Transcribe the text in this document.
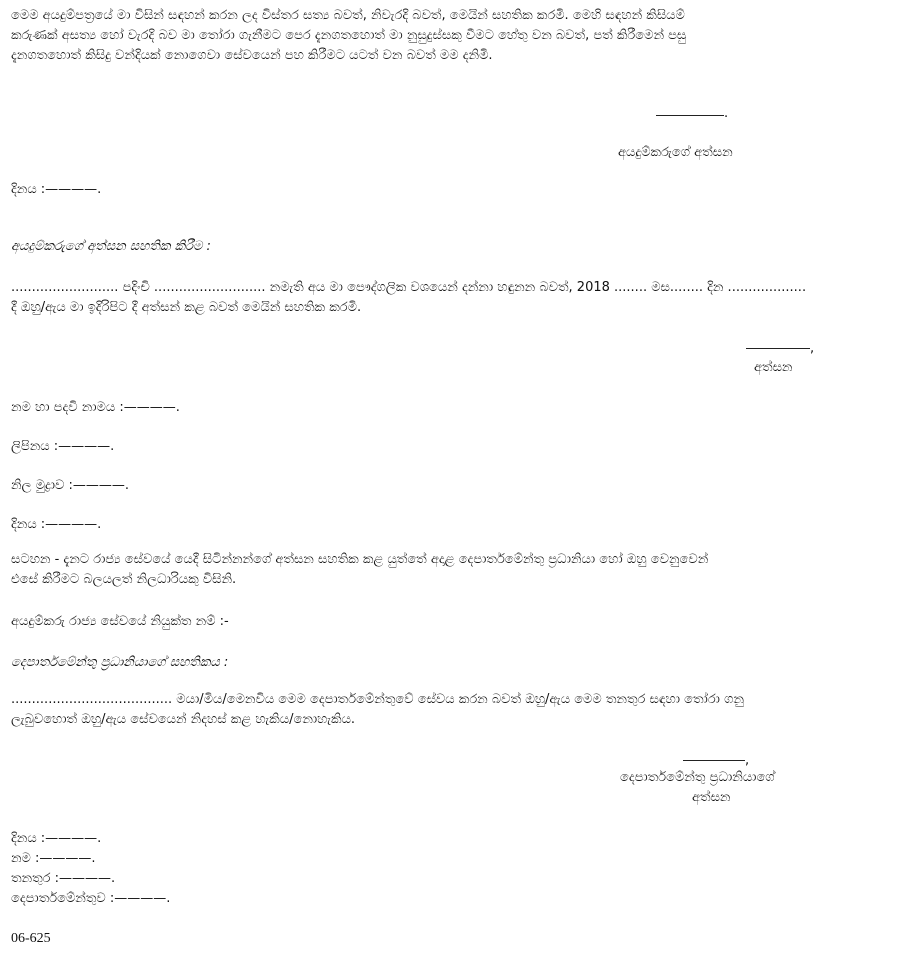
මෙම අයදුම්පත්‍රයේ මා විසින් සඳහන් කරන ලද විස්තර සත්‍ය බවත්, නිවැරදි බවත්, මෙයින් සහතික කරමි. මෙහි සඳහන් කිසියම්
කරුණක් අසත්‍ය හෝ වැරදි බව මා තෝරා ගැනීමට පෙර දැනගතහොත් මා නුසුදුස්සකු වීමට හේතු වන බවත්, පත් කිරීමෙන් පසු
දැනගතහොත් කිසිදු වන්දියක් නොගෙවා සේවයෙන් පහ කිරීමට යටත් වන බවත් මම දනිමි.
.
අයදුම්කරුගේ අත්සන
දිනය :————.
අයදුම්කරුගේ අත්සන සහතික කිරීම :
.......................... පදිංචි ........................... නමැති අය මා පෞද්ගලික වශයෙන් දන්නා හඳුනන බවත්, 2018 ........ මස........ දින ...................
දී ඔහු/ඇය මා ඉදිරිපිට දී අත්සන් කළ බවත් මෙයින් සහතික කරමි.
,
අත්සන
නම හා පදවි නාමය :————.
ලිපිනය :————.
නිල මුද්‍රාව :————.
දිනය :————.
සටහන - දැනට රාජ්‍ය සේවයේ යෙදී සිටින්නන්ගේ අත්සන සහතික කළ යුත්තේ අදාළ දෙපාර්තමේන්තු ප්‍රධානියා හෝ ඔහු වෙනුවෙන්
එසේ කිරීමට බලයලත් නිලධාරියකු විසිනි.
අයදුම්කරු රාජ්‍ය සේවයේ නියුක්ත නම් :-
දෙපාර්තමේන්තු ප්‍රධානියාගේ සහතිකය :
....................................... මයා/මිය/මෙනවිය මෙම දෙපාර්තමේන්තුවේ සේවය කරන බවත් ඔහු/ඇය මෙම තනතුර සඳහා තෝරා ගනු
ලැබුවහොත් ඔහු/ඇය සේවයෙන් නිදහස් කළ හැකිය/නොහැකිය.
,
දෙපාර්තමේන්තු ප්‍රධානියාගේ
අත්සන
දිනය :————.
නම :————.
තනතුර :————.
දෙපාර්තමේන්තුව :————.
06-625
